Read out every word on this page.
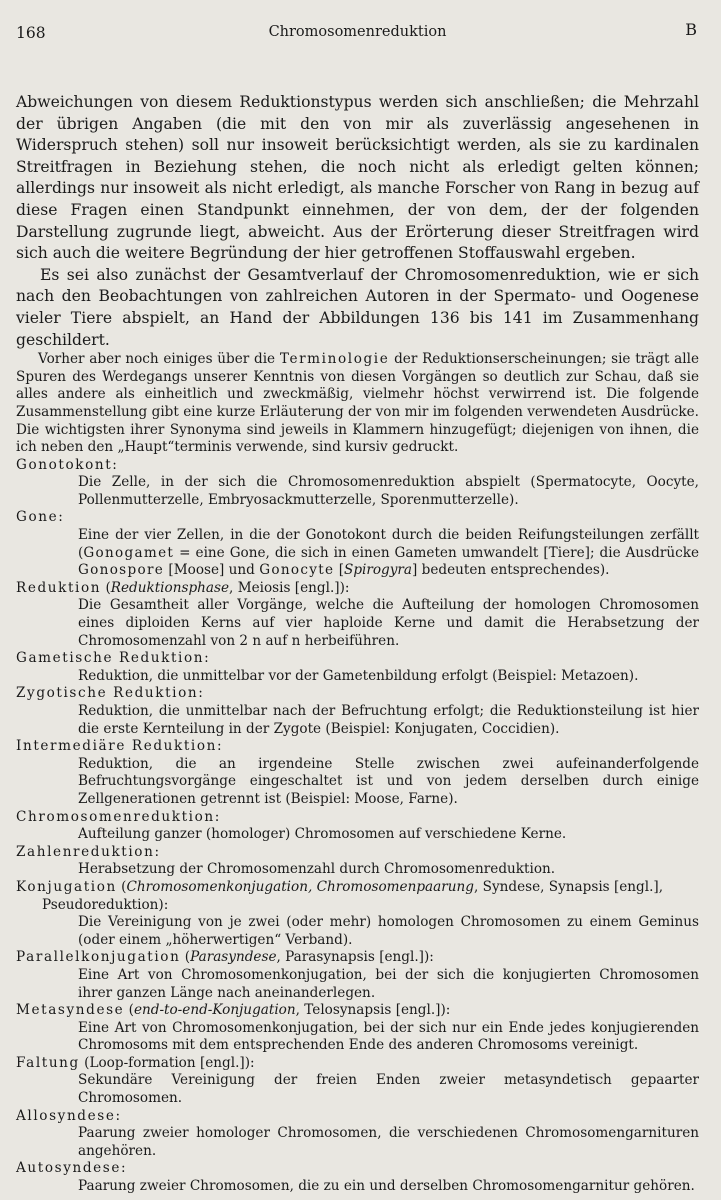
168	Chromosomenreduktion	B

Abweichungen von diesem Reduktionstypus werden sich anschließen; die Mehrzahl der übrigen Angaben (die mit den von mir als zuverlässig angesehenen in Widerspruch stehen) soll nur insoweit berücksichtigt werden, als sie zu kardinalen Streitfragen in Beziehung stehen, die noch nicht als erledigt gelten können; allerdings nur insoweit als nicht erledigt, als manche Forscher von Rang in bezug auf diese Fragen einen Standpunkt einnehmen, der von dem, der der folgenden Darstellung zugrunde liegt, abweicht. Aus der Erörterung dieser Streitfragen wird sich auch die weitere Begründung der hier getroffenen Stoffauswahl ergeben.

Es sei also zunächst der Gesamtverlauf der Chromosomenreduktion, wie er sich nach den Beobachtungen von zahlreichen Autoren in der Spermato- und Oogenese vieler Tiere abspielt, an Hand der Abbildungen 136 bis 141 im Zusammenhang geschildert.

Vorher aber noch einiges über die Terminologie der Reduktionserscheinungen; sie trägt alle Spuren des Werdegangs unserer Kenntnis von diesen Vorgängen so deutlich zur Schau, daß sie alles andere als einheitlich und zweckmäßig, vielmehr höchst verwirrend ist. Die folgende Zusammenstellung gibt eine kurze Erläuterung der von mir im folgenden verwendeten Ausdrücke. Die wichtigsten ihrer Synonyma sind jeweils in Klammern hinzugefügt; diejenigen von ihnen, die ich neben den „Haupt“terminis verwende, sind kursiv gedruckt.

Gonotokont:
Die Zelle, in der sich die Chromosomenreduktion abspielt (Spermatocyte, Oocyte, Pollenmutterzelle, Embryosackmutterzelle, Sporenmutterzelle).
Gone:
Eine der vier Zellen, in die der Gonotokont durch die beiden Reifungsteilungen zerfällt (Gonogamet = eine Gone, die sich in einen Gameten umwandelt [Tiere]; die Ausdrücke Gonospore [Moose] und Gonocyte [Spirogyra] bedeuten entsprechendes).
Reduktion (Reduktionsphase, Meiosis [engl.]):
Die Gesamtheit aller Vorgänge, welche die Aufteilung der homologen Chromosomen eines diploiden Kerns auf vier haploide Kerne und damit die Herabsetzung der Chromosomenzahl von 2 n auf n herbeiführen.
Gametische Reduktion:
Reduktion, die unmittelbar vor der Gametenbildung erfolgt (Beispiel: Metazoen).
Zygotische Reduktion:
Reduktion, die unmittelbar nach der Befruchtung erfolgt; die Reduktionsteilung ist hier die erste Kernteilung in der Zygote (Beispiel: Konjugaten, Coccidien).
Intermediäre Reduktion:
Reduktion, die an irgendeine Stelle zwischen zwei aufeinanderfolgende Befruchtungsvorgänge eingeschaltet ist und von jedem derselben durch einige Zellgenerationen getrennt ist (Beispiel: Moose, Farne).
Chromosomenreduktion:
Aufteilung ganzer (homologer) Chromosomen auf verschiedene Kerne.
Zahlenreduktion:
Herabsetzung der Chromosomenzahl durch Chromosomenreduktion.
Konjugation (Chromosomenkonjugation, Chromosomenpaarung, Syndese, Synapsis [engl.],
Pseudoreduktion):
Die Vereinigung von je zwei (oder mehr) homologen Chromosomen zu einem Geminus (oder einem „höherwertigen“ Verband).
Parallelkonjugation (Parasyndese, Parasynapsis [engl.]):
Eine Art von Chromosomenkonjugation, bei der sich die konjugierten Chromosomen ihrer ganzen Länge nach aneinanderlegen.
Metasyndese (end-to-end-Konjugation, Telosynapsis [engl.]):
Eine Art von Chromosomenkonjugation, bei der sich nur ein Ende jedes konjugierenden Chromosoms mit dem entsprechenden Ende des anderen Chromosoms vereinigt.
Faltung (Loop-formation [engl.]):
Sekundäre Vereinigung der freien Enden zweier metasyndetisch gepaarter Chromosomen.
Allosyndese:
Paarung zweier homologer Chromosomen, die verschiedenen Chromosomengarnituren angehören.
Autosyndese:
Paarung zweier Chromosomen, die zu ein und derselben Chromosomengarnitur gehören.
